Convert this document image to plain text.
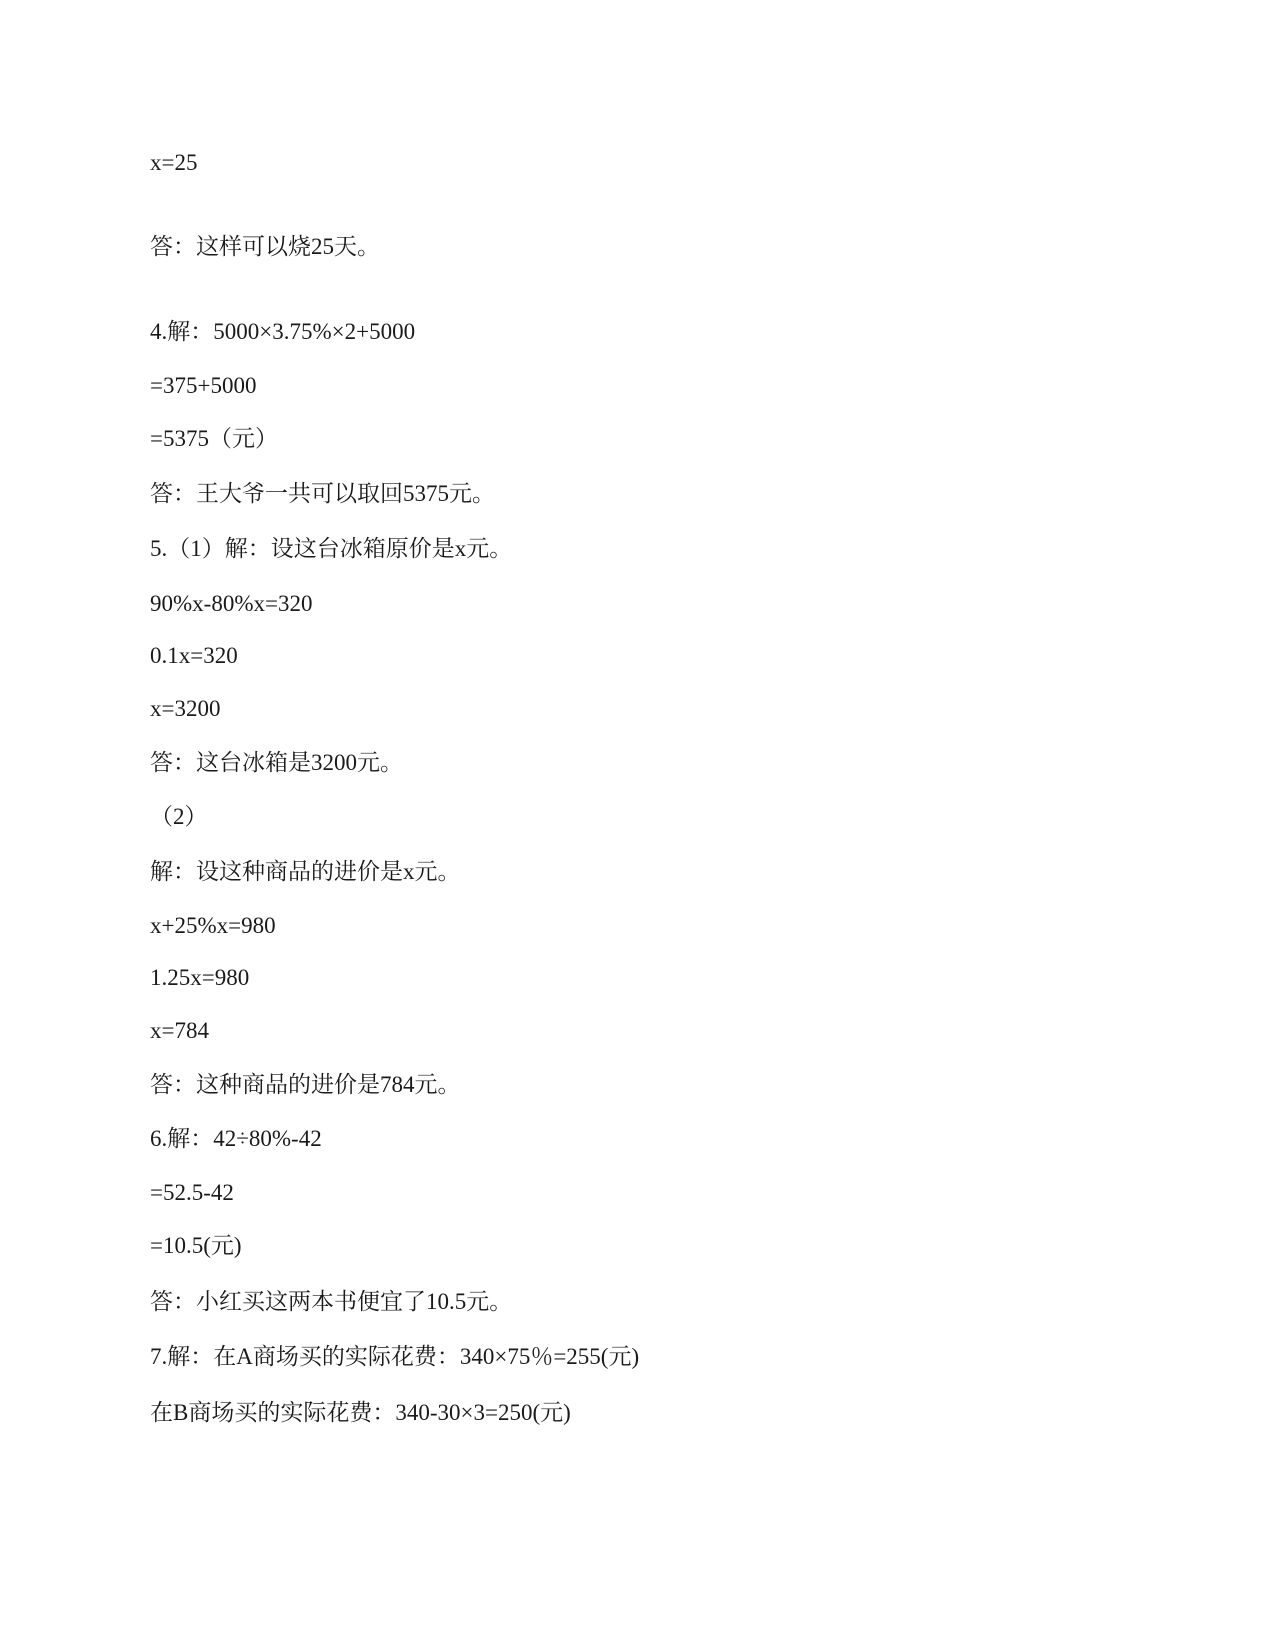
x=25
答：这样可以烧25天。
4.解：5000×3.75%×2+5000
=375+5000
=5375（元）
答：王大爷一共可以取回5375元。
5.（1）解：设这台冰箱原价是x元。
90%x-80%x=320
0.1x=320
x=3200
答：这台冰箱是3200元。
（2）
解：设这种商品的进价是x元。
x+25%x=980
1.25x=980
x=784
答：这种商品的进价是784元。
6.解：42÷80%-42
=52.5-42
=10.5(元)
答：小红买这两本书便宜了10.5元。
7.解：在A商场买的实际花费：340×75％=255(元)
在B商场买的实际花费：340-30×3=250(元)
